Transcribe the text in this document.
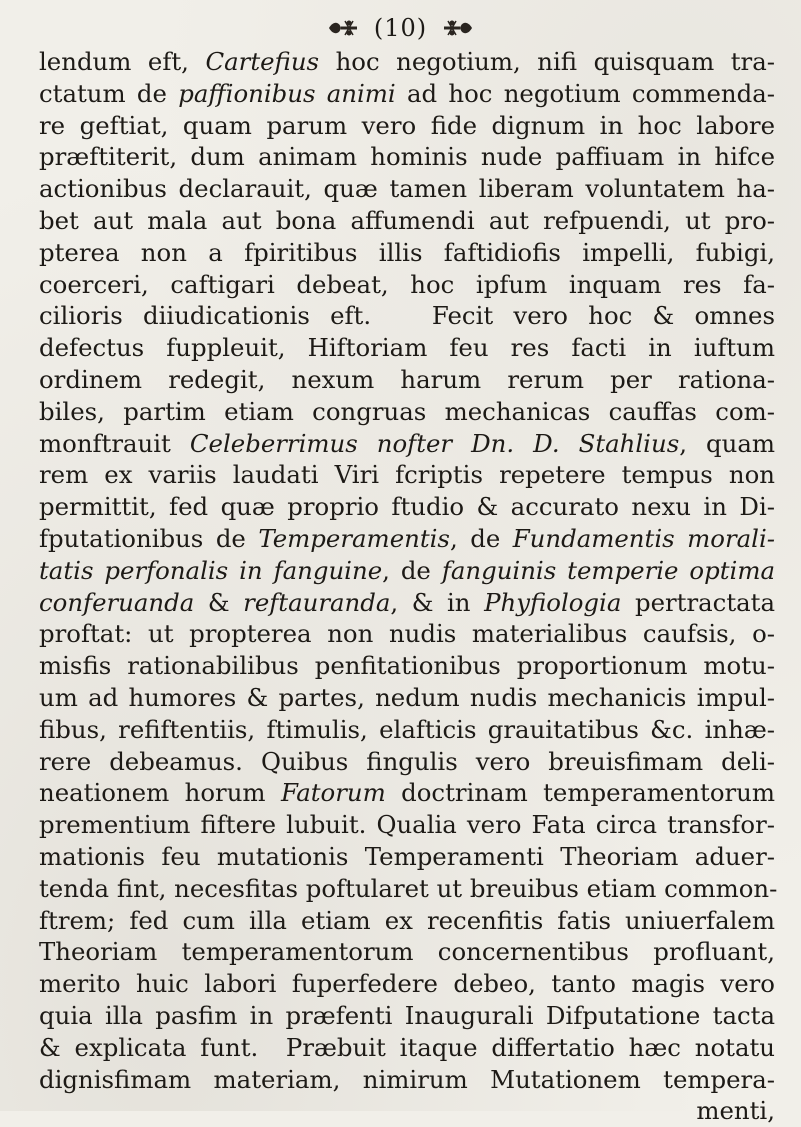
(10)
lendum eft, Cartefius hoc negotium, nifi quisquam tra-
ctatum de paffionibus animi ad hoc negotium commenda-
re geftiat, quam parum vero fide dignum in hoc labore
præftiterit, dum animam hominis nude paffiuam in hifce
actionibus declarauit, quæ tamen liberam voluntatem ha-
bet aut mala aut bona affumendi aut refpuendi, ut pro-
pterea non a fpiritibus illis faftidiofis impelli, fubigi,
coerceri, caftigari debeat, hoc ipfum inquam res fa-
cilioris diiudicationis eft.   Fecit vero hoc & omnes
defectus fuppleuit, Hiftoriam feu res facti in iuftum
ordinem redegit, nexum harum rerum per rationa-
biles, partim etiam congruas mechanicas cauffas com-
monftrauit Celeberrimus nofter Dn. D. Stahlius, quam
rem ex variis laudati Viri fcriptis repetere tempus non
permittit, fed quæ proprio ftudio & accurato nexu in Di-
fputationibus de Temperamentis, de Fundamentis morali-
tatis perfonalis in fanguine, de fanguinis temperie optima
conferuanda & reftauranda, & in Phyfiologia pertractata
proftat: ut propterea non nudis materialibus caufsis, o-
misfis rationabilibus penfitationibus proportionum motu-
um ad humores & partes, nedum nudis mechanicis impul-
fibus, refiftentiis, ftimulis, elafticis grauitatibus &c. inhæ-
rere debeamus. Quibus fingulis vero breuisfimam deli-
neationem horum Fatorum doctrinam temperamentorum
prementium fiftere lubuit. Qualia vero Fata circa transfor-
mationis feu mutationis Temperamenti Theoriam aduer-
tenda fint, necesfitas poftularet ut breuibus etiam common-
ftrem; fed cum illa etiam ex recenfitis fatis uniuerfalem
Theoriam temperamentorum concernentibus profluant,
merito huic labori fuperfedere debeo, tanto magis vero
quia illa pasfim in præfenti Inaugurali Difputatione tacta
& explicata funt.  Præbuit itaque differtatio hæc notatu
dignisfimam materiam, nimirum Mutationem tempera-
menti,
